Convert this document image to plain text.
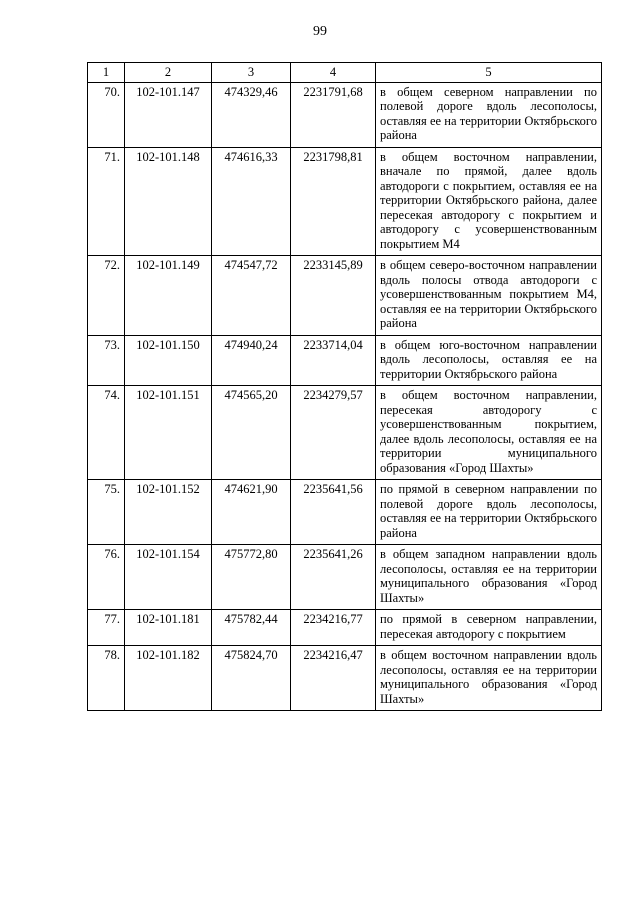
99
1	2	3	4	5
70.	102-101.147	474329,46	2231791,68	в общем северном направлении по полевой дороге вдоль лесополосы, оставляя ее на территории Октябрьского района
71.	102-101.148	474616,33	2231798,81	в общем восточном направлении, вначале по прямой, далее вдоль автодороги с покрытием, оставляя ее на территории Октябрьского района, далее пересекая автодорогу с покрытием и автодорогу с усовершенствованным покрытием М4
72.	102-101.149	474547,72	2233145,89	в общем северо-восточном направлении вдоль полосы отвода автодороги с усовершенствованным покрытием М4, оставляя ее на территории Октябрьского района
73.	102-101.150	474940,24	2233714,04	в общем юго-восточном направлении вдоль лесополосы, оставляя ее на территории Октябрьского района
74.	102-101.151	474565,20	2234279,57	в общем восточном направлении, пересекая автодорогу с усовершенствованным покрытием, далее вдоль лесополосы, оставляя ее на территории муниципального образования «Город Шахты»
75.	102-101.152	474621,90	2235641,56	по прямой в северном направлении по полевой дороге вдоль лесополосы, оставляя ее на территории Октябрьского района
76.	102-101.154	475772,80	2235641,26	в общем западном направлении вдоль лесополосы, оставляя ее на территории муниципального образования «Город Шахты»
77.	102-101.181	475782,44	2234216,77	по прямой в северном направлении, пересекая автодорогу с покрытием
78.	102-101.182	475824,70	2234216,47	в общем восточном направлении вдоль лесополосы, оставляя ее на территории муниципального образования «Город Шахты»
